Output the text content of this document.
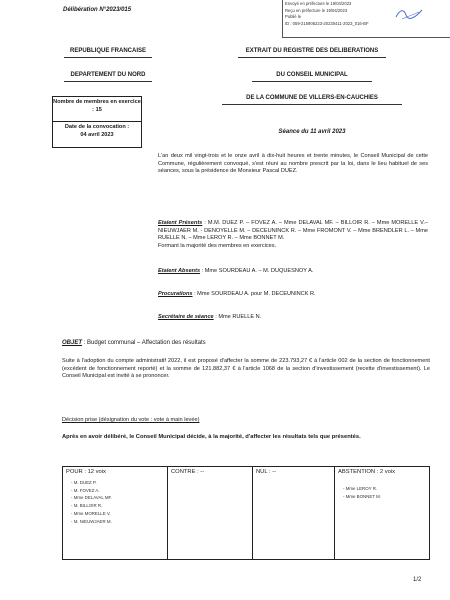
Délibération N°2023/015
Envoyé en préfecture le 19/04/2023
Reçu en préfecture le 19/04/2023
Publié le
ID : 059-215906223-20230411-2023_016-BF
REPUBLIQUE FRANCAISE
DEPARTEMENT DU NORD
Nombre de membres en exercice : 15
Date de la convocation :
04 avril 2023
EXTRAIT DU REGISTRE DES DELIBERATIONS
DU CONSEIL MUNICIPAL
DE LA COMMUNE DE VILLERS-EN-CAUCHIES
Séance du 11 avril 2023
L'an deux mil vingt-trois et le onze avril à dix-huit heures et trente minutes, le Conseil Municipal de cette Commune, régulièrement convoqué, s'est réuni au nombre prescrit par la loi, dans le lieu habituel de ses séances, sous la présidence de Monsieur Pascal DUEZ.
Etaient Présents : M.M. DUEZ P. – FOVEZ A. – Mme DELAVAL MF. – BILLOIR R. – Mme MORELLE V.– NIEUWJAER M. - DENOYELLE M. – DECEUNINCK R. – Mme FROMONT V. – Mme BRENDLER L. – Mme RUELLE N. – Mme LEROY R. – Mme BONNET M.
Formant la majorité des membres en exercices.
Etaient Absents : Mme SOURDEAU A. – M. DUQUESNOY A.
Procurations : Mme SOURDEAU A. pour M. DECEUNINCK R.
Secrétaire de séance : Mme RUELLE N.
OBJET : Budget communal – Affectation des résultats
Suite à l'adoption du compte administratif 2022, il est proposé d'affecter la somme de 223.793,27 € à l'article 002 de la section de fonctionnement (excédent de fonctionnement reporté) et la somme de 121.882,37 € à l'article 1068 de la section d'investissement (recette d'investissement). Le Conseil Municipal est invité à se prononcer.
Décision prise (désignation du vote : vote à main levée)
Après en avoir délibéré, le Conseil Municipal décide, à la majorité, d'affecter les résultats tels que présentés.
POUR : 12 voix
- M. DUEZ P.
- M. FOVEZ A.
- Mme DELAVAL MF.
- M. BILLOIR R.
- Mme MORELLE V.
- M. NIEUWJAER M.
CONTRE : --	NUL : --	ABSTENTION : 2 voix
- Mme LEROY R.
- Mme BONNET M.
1/2
